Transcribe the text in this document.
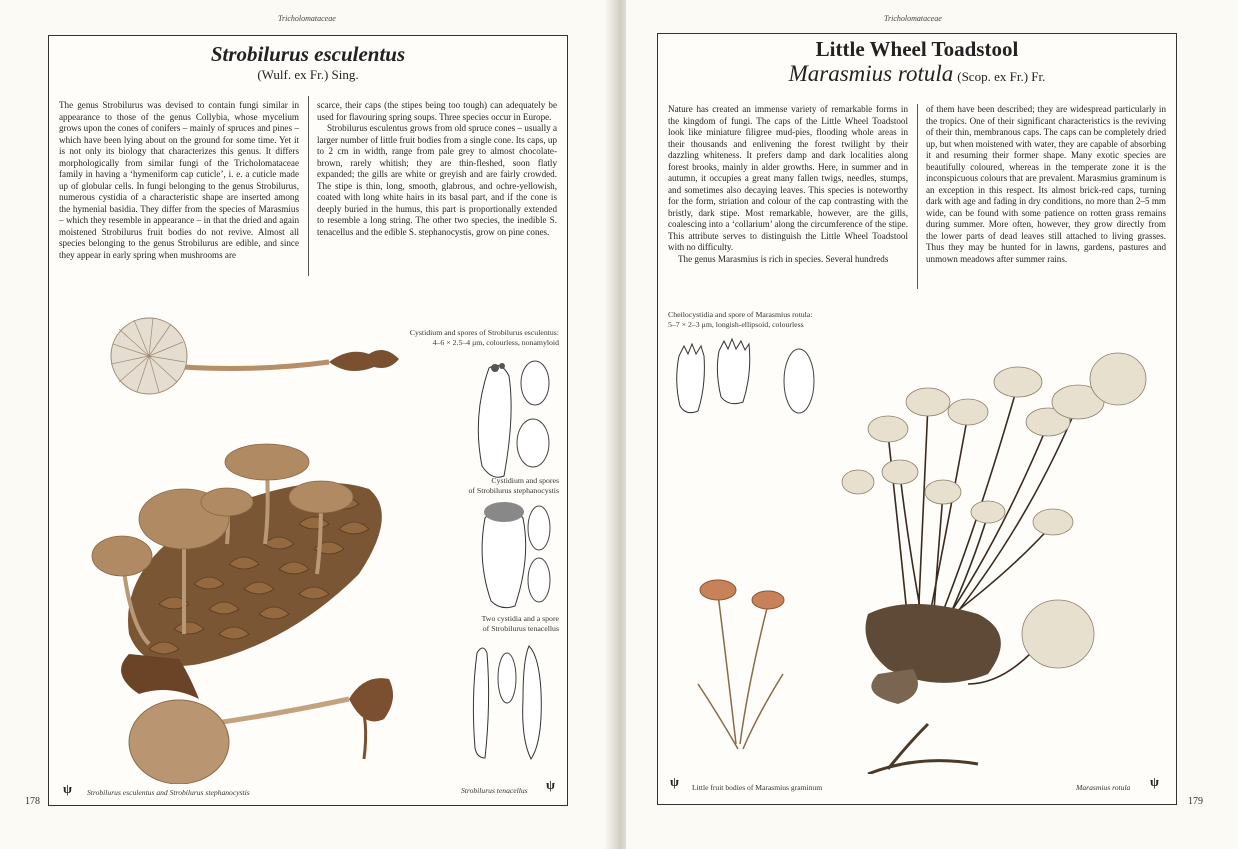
Tricholomataceae
Strobilurus esculentus
(Wulf. ex Fr.) Sing.

The genus Strobilurus was devised to contain fungi similar in appearance to those of the genus Collybia, whose mycelium grows upon the cones of conifers – mainly of spruces and pines – which have been lying about on the ground for some time. Yet it is not only its biology that characterizes this genus. It differs morphologically from similar fungi of the Tricholomataceae family in having a ‘hymeniform cap cuticle’, i. e. a cuticle made up of globular cells. In fungi belonging to the genus Strobilurus, numerous cystidia of a characteristic shape are inserted among the hymenial basidia. They differ from the species of Marasmius – which they resemble in appearance – in that the dried and again moistened Strobilurus fruit bodies do not revive. Almost all species belonging to the genus Strobilurus are edible, and since they appear in early spring when mushrooms are

scarce, their caps (the stipes being too tough) can adequately be used for flavouring spring soups. Three species occur in Europe.

Strobilurus esculentus grows from old spruce cones – usually a larger number of little fruit bodies from a single cone. Its caps, up to 2 cm in width, range from pale grey to almost chocolate-brown, rarely whitish; they are thin-fleshed, soon flatly expanded; the gills are white or greyish and are fairly crowded. The stipe is thin, long, smooth, glabrous, and ochre-yellowish, coated with long white hairs in its basal part, and if the cone is deeply buried in the humus, this part is proportionally extended to resemble a long string. The other two species, the inedible S. tenacellus and the edible S. stephanocystis, grow on pine cones.

Cystidium and spores of Strobilurus esculentus:
4–6 × 2.5–4 μm, colourless, nonamyloid
Cystidium and spores
of Strobilurus stephanocystis
Two cystidia and a spore
of Strobilurus tenacellus
Strobilurus esculentus and Strobilurus stephanocystis	Strobilurus tenacellus
ψ	ψ
178
Tricholomataceae
Little Wheel Toadstool
Marasmius rotula (Scop. ex Fr.) Fr.

Nature has created an immense variety of remarkable forms in the kingdom of fungi. The caps of the Little Wheel Toadstool look like miniature filigree mud-pies, flooding whole areas in their thousands and enlivening the forest twilight by their dazzling whiteness. It prefers damp and dark localities along forest brooks, mainly in alder growths. Here, in summer and in autumn, it occupies a great many fallen twigs, needles, stumps, and sometimes also decaying leaves. This species is noteworthy for the form, striation and colour of the cap contrasting with the bristly, dark stipe. Most remarkable, however, are the gills, coalescing into a ‘collarium’ along the circumference of the stipe. This attribute serves to distinguish the Little Wheel Toadstool with no difficulty.

The genus Marasmius is rich in species. Several hundreds

of them have been described; they are widespread particularly in the tropics. One of their significant characteristics is the reviving of their thin, membranous caps. The caps can be completely dried up, but when moistened with water, they are capable of absorbing it and resuming their former shape. Many exotic species are beautifully coloured, whereas in the temperate zone it is the inconspicuous colours that are prevalent. Marasmius graminum is an exception in this respect. Its almost brick-red caps, turning dark with age and fading in dry conditions, no more than 2–5 mm wide, can be found with some patience on rotten grass remains during summer. More often, however, they grow directly from the lower parts of dead leaves still attached to living grasses. Thus they may be hunted for in lawns, gardens, pastures and unmown meadows after summer rains.

Cheilocystidia and spore of Marasmius rotula:
5–7 × 2–3 μm, longish-ellipsoid, colourless
Little fruit bodies of Marasmius graminum	Marasmius rotula
ψ	ψ
179
